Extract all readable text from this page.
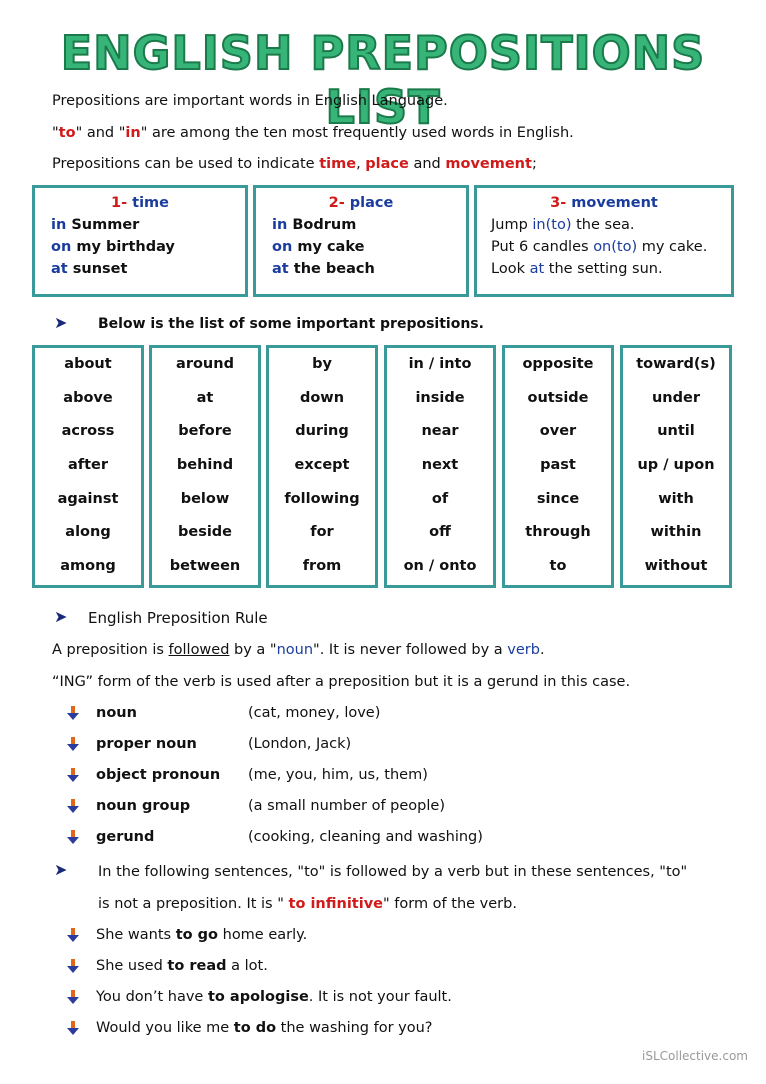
ENGLISH PREPOSITIONS LIST
Prepositions are important words in English Language.
"to" and "in" are among the ten most frequently used words in English.
Prepositions can be used to indicate time, place and movement;
1- time
in Summer
on my birthday
at sunset
2- place
in Bodrum
on my cake
at the beach
3- movement
Jump in(to) the sea.
Put 6 candles on(to) my cake.
Look at the setting sun.
➤ Below is the list of some important prepositions.
about
above
across
after
against
along
among
around
at
before
behind
below
beside
between
by
down
during
except
following
for
from
in / into
inside
near
next
of
off
on / onto
opposite
outside
over
past
since
through
to
toward(s)
under
until
up / upon
with
within
without
➤ English Preposition Rule
A preposition is followed by a "noun". It is never followed by a verb.
“ING” form of the verb is used after a preposition but it is a gerund in this case.
noun	(cat, money, love)
proper noun	(London, Jack)
object pronoun (me, you, him, us, them)
noun group	(a small number of people)
gerund	(cooking, cleaning and washing)
➤ In the following sentences, "to" is followed by a verb but in these sentences, "to"
is not a preposition. It is " to infinitive" form of the verb.
She wants to go home early.
She used to read a lot.
You don’t have to apologise. It is not your fault.
Would you like me to do the washing for you?
iSLCollective.com
